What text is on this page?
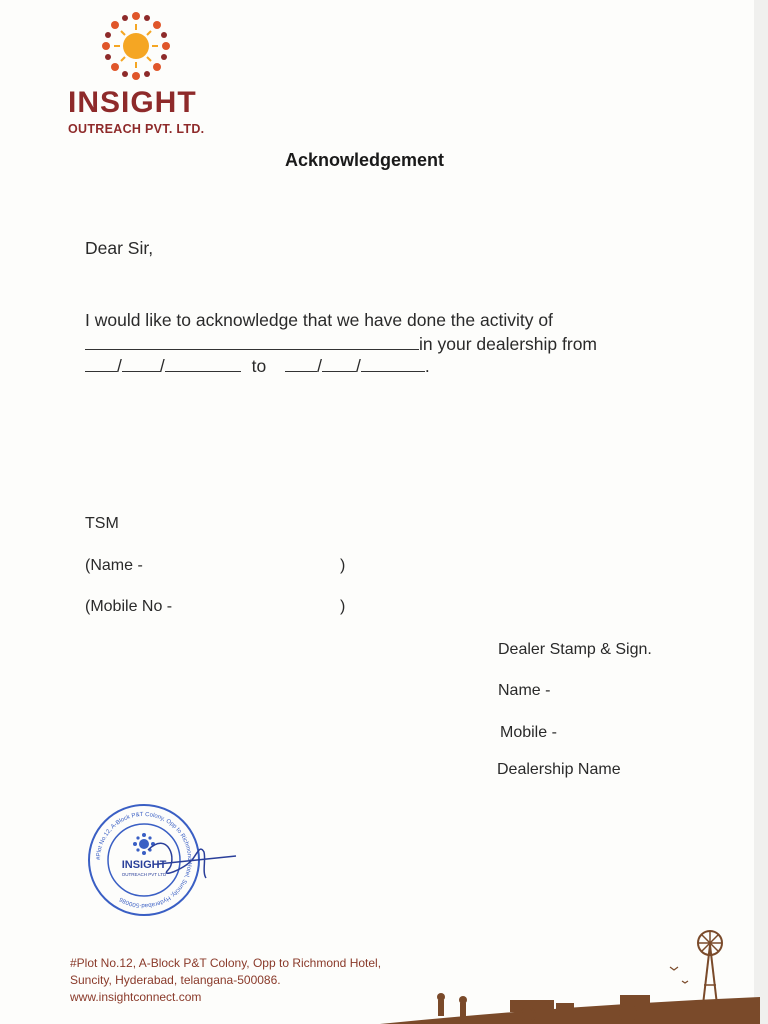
INSIGHT
OUTREACH PVT. LTD.
Acknowledgement
Dear Sir,
I would like to acknowledge that we have done the activity of
in your dealership from
/ /	to	/ /	.
TSM
(Name -	)
(Mobile No -	)
Dealer Stamp & Sign.
Name -
Mobile -
Dealership Name
#Plot No.12, A-Block P&T Colony, Opp to Richmond Hotel, Suncity, Hyderabad-500086
INSIGHT
OUTREACH PVT LTD
#Plot No.12, A-Block P&T Colony, Opp to Richmond Hotel,
Suncity, Hyderabad, telangana-500086.
www.insightconnect.com
